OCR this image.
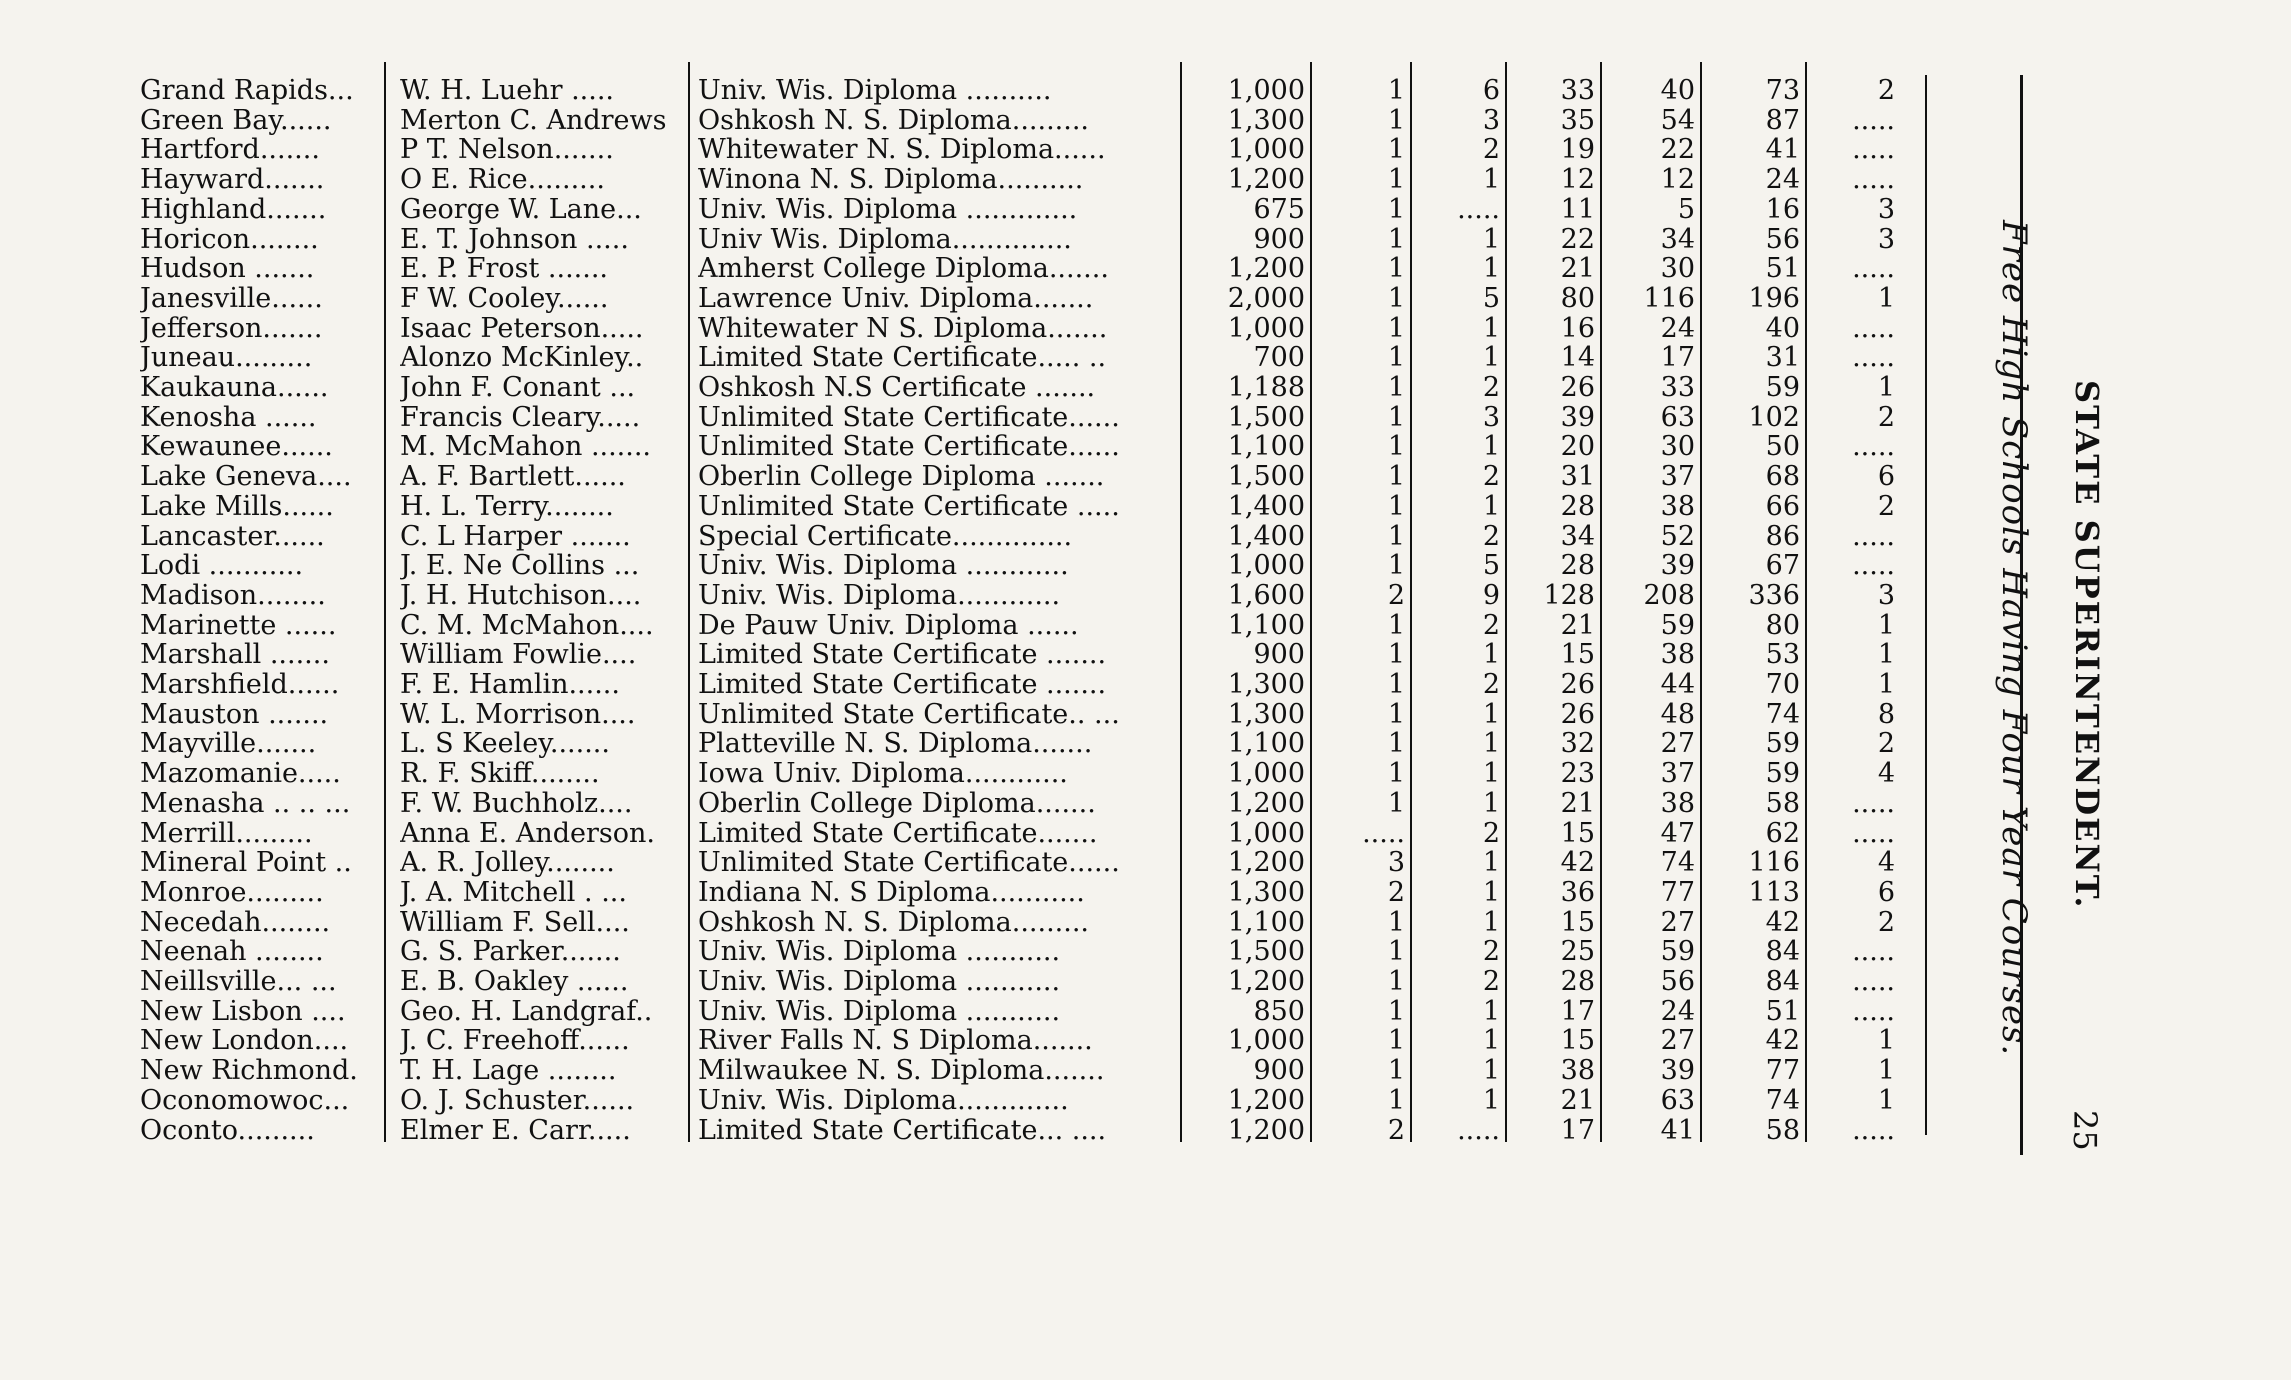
Grand Rapids...	W. H. Luehr .....	Univ. Wis. Diploma ..........	1,000	1	6	33	40	73	2
Green Bay......	Merton C. Andrews	Oshkosh N. S. Diploma.........	1,300	1	3	35	54	87	.....
Hartford.......	P T. Nelson.......	Whitewater N. S. Diploma......	1,000	1	2	19	22	41	.....
Hayward.......	O E. Rice.........	Winona N. S. Diploma..........	1,200	1	1	12	12	24	.....
Highland.......	George W. Lane...	Univ. Wis. Diploma .............	675	1	.....	11	5	16	3
Horicon........	E. T. Johnson .....	Univ Wis. Diploma..............	900	1	1	22	34	56	3
Hudson .......	E. P. Frost .......	Amherst College Diploma.......	1,200	1	1	21	30	51	.....
Janesville......	F W. Cooley......	Lawrence Univ. Diploma.......	2,000	1	5	80	116	196	1
Jefferson.......	Isaac Peterson.....	Whitewater N S. Diploma.......	1,000	1	1	16	24	40	.....
Juneau.........	Alonzo McKinley..	Limited State Certificate..... ..	700	1	1	14	17	31	.....
Kaukauna......	John F. Conant ...	Oshkosh N.S Certificate .......	1,188	1	2	26	33	59	1
Kenosha ......	Francis Cleary.....	Unlimited State Certificate......	1,500	1	3	39	63	102	2
Kewaunee......	M. McMahon .......	Unlimited State Certificate......	1,100	1	1	20	30	50	.....
Lake Geneva....	A. F. Bartlett......	Oberlin College Diploma .......	1,500	1	2	31	37	68	6
Lake Mills......	H. L. Terry........	Unlimited State Certificate .....	1,400	1	1	28	38	66	2
Lancaster......	C. L Harper .......	Special Certificate..............	1,400	1	2	34	52	86	.....
Lodi ...........	J. E. Ne Collins ...	Univ. Wis. Diploma ............	1,000	1	5	28	39	67	.....
Madison........	J. H. Hutchison....	Univ. Wis. Diploma............	1,600	2	9	128	208	336	3
Marinette ......	C. M. McMahon....	De Pauw Univ. Diploma ......	1,100	1	2	21	59	80	1
Marshall .......	William Fowlie....	Limited State Certificate .......	900	1	1	15	38	53	1
Marshfield......	F. E. Hamlin......	Limited State Certificate .......	1,300	1	2	26	44	70	1
Mauston .......	W. L. Morrison....	Unlimited State Certificate.. ...	1,300	1	1	26	48	74	8
Mayville.......	L. S Keeley.......	Platteville N. S. Diploma.......	1,100	1	1	32	27	59	2
Mazomanie.....	R. F. Skiff........	Iowa Univ. Diploma............	1,000	1	1	23	37	59	4
Menasha .. .. ...	F. W. Buchholz....	Oberlin College Diploma.......	1,200	1	1	21	38	58	.....
Merrill.........	Anna E. Anderson.	Limited State Certificate.......	1,000	.....	2	15	47	62	.....
Mineral Point ..	A. R. Jolley........	Unlimited State Certificate......	1,200	3	1	42	74	116	4
Monroe.........	J. A. Mitchell . ...	Indiana N. S Diploma...........	1,300	2	1	36	77	113	6
Necedah........	William F. Sell....	Oshkosh N. S. Diploma.........	1,100	1	1	15	27	42	2
Neenah ........	G. S. Parker.......	Univ. Wis. Diploma ...........	1,500	1	2	25	59	84	.....
Neillsville... ...	E. B. Oakley ......	Univ. Wis. Diploma ...........	1,200	1	2	28	56	84	.....
New Lisbon ....	Geo. H. Landgraf..	Univ. Wis. Diploma ...........	850	1	1	17	24	51	.....
New London....	J. C. Freehoff......	River Falls N. S Diploma.......	1,000	1	1	15	27	42	1
New Richmond.	T. H. Lage ........	Milwaukee N. S. Diploma.......	900	1	1	38	39	77	1
Oconomowoc...	O. J. Schuster......	Univ. Wis. Diploma.............	1,200	1	1	21	63	74	1
Oconto.........	Elmer E. Carr.....	Limited State Certificate... ....	1,200	2	.....	17	41	58	.....
Free High Schools Having Four Year Courses. STATE SUPERINTENDENT.
25
